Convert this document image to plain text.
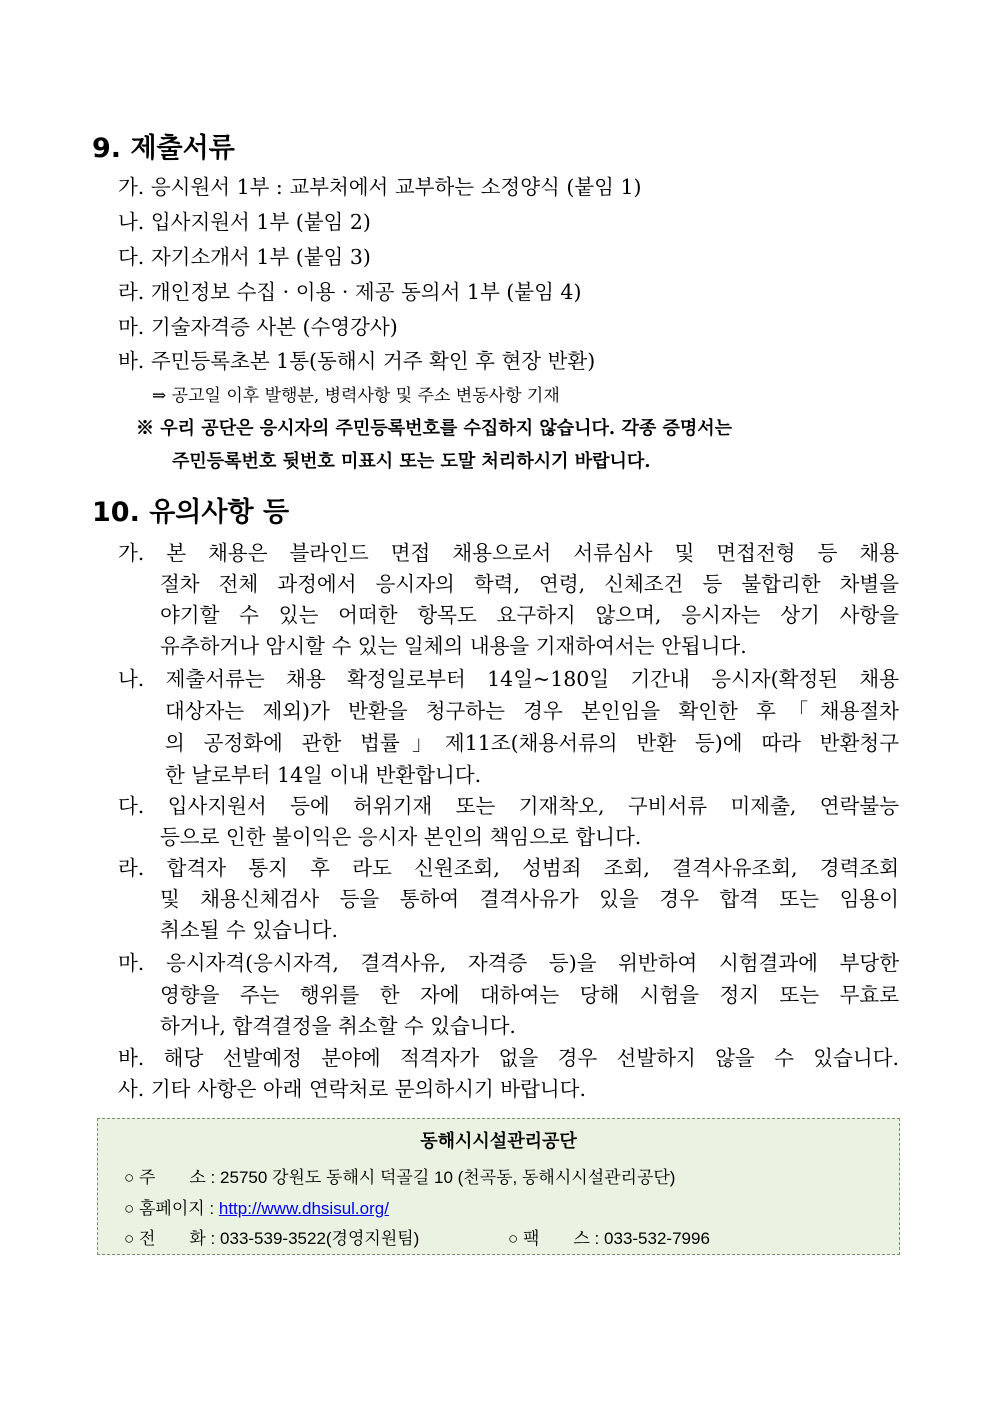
9. 제출서류
가. 응시원서 1부 : 교부처에서 교부하는 소정양식 (붙임 1)
나. 입사지원서 1부 (붙임 2)
다. 자기소개서 1부 (붙임 3)
라. 개인정보 수집 · 이용 · 제공 동의서 1부 (붙임 4)
마. 기술자격증 사본 (수영강사)
바. 주민등록초본 1통(동해시 거주 확인 후 현장 반환)
⇒ 공고일 이후 발행분, 병력사항 및 주소 변동사항 기재
※ 우리 공단은 응시자의 주민등록번호를 수집하지 않습니다. 각종 증명서는
주민등록번호 뒷번호 미표시 또는 도말 처리하시기 바랍니다.
10. 유의사항 등
가. 본 채용은 블라인드 면접 채용으로서 서류심사 및 면접전형 등 채용
절차 전체 과정에서 응시자의 학력, 연령, 신체조건 등 불합리한 차별을
야기할 수 있는 어떠한 항목도 요구하지 않으며, 응시자는 상기 사항을
유추하거나 암시할 수 있는 일체의 내용을 기재하여서는 안됩니다.
나. 제출서류는 채용 확정일로부터 14일~180일 기간내 응시자(확정된 채용
대상자는 제외)가 반환을 청구하는 경우 본인임을 확인한 후「채용절차
의 공정화에 관한 법률」제11조(채용서류의 반환 등)에 따라 반환청구
한 날로부터 14일 이내 반환합니다.
다. 입사지원서 등에 허위기재 또는 기재착오, 구비서류 미제출, 연락불능
등으로 인한 불이익은 응시자 본인의 책임으로 합니다.
라. 합격자 통지 후 라도 신원조회, 성범죄 조회, 결격사유조회, 경력조회
및 채용신체검사 등을 통하여 결격사유가 있을 경우 합격 또는 임용이
취소될 수 있습니다.
마. 응시자격(응시자격, 결격사유, 자격증 등)을 위반하여 시험결과에 부당한
영향을 주는 행위를 한 자에 대하여는 당해 시험을 정지 또는 무효로
하거나, 합격결정을 취소할 수 있습니다.
바. 해당 선발예정 분야에 적격자가 없을 경우 선발하지 않을 수 있습니다.
사. 기타 사항은 아래 연락처로 문의하시기 바랍니다.
동해시시설관리공단
○ 주　　소 : 25750 강원도 동해시 덕골길 10 (천곡동, 동해시시설관리공단)
○ 홈페이지 : http://www.dhsisul.org/
○ 전　　화 : 033-539-3522(경영지원팀)	○ 팩　　스 : 033-532-7996
